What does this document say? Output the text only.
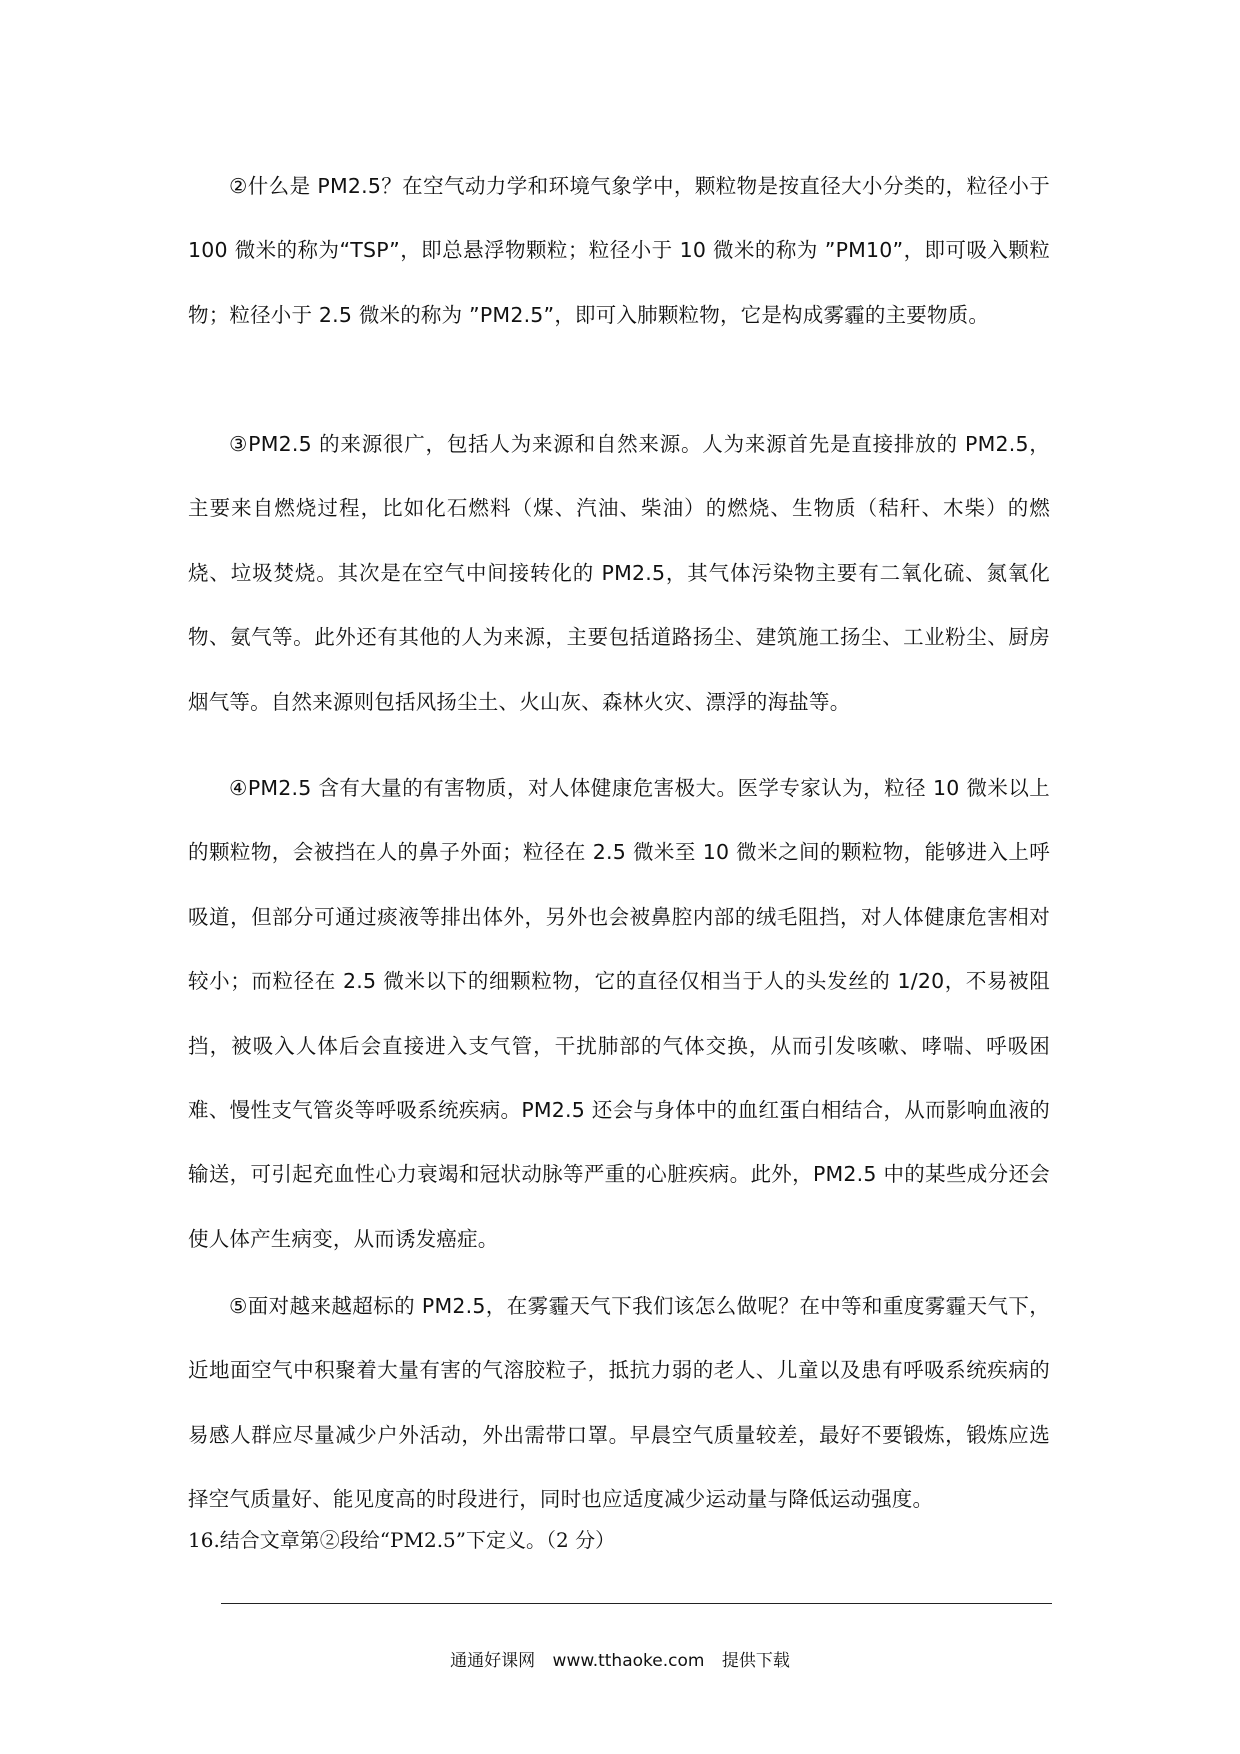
②什么是 PM2.5？在空气动力学和环境气象学中，颗粒物是按直径大小分类的，粒径小于 100 微米的称为“TSP”，即总悬浮物颗粒；粒径小于 10 微米的称为 ”PM10”，即可吸入颗粒物；粒径小于 2.5 微米的称为 ”PM2.5”，即可入肺颗粒物，它是构成雾霾的主要物质。

③PM2.5 的来源很广，包括人为来源和自然来源。人为来源首先是直接排放的 PM2.5，主要来自燃烧过程，比如化石燃料（煤、汽油、柴油）的燃烧、生物质（秸秆、木柴）的燃烧、垃圾焚烧。其次是在空气中间接转化的 PM2.5，其气体污染物主要有二氧化硫、氮氧化物、氨气等。此外还有其他的人为来源，主要包括道路扬尘、建筑施工扬尘、工业粉尘、厨房烟气等。自然来源则包括风扬尘土、火山灰、森林火灾、漂浮的海盐等。

④PM2.5 含有大量的有害物质，对人体健康危害极大。医学专家认为，粒径 10 微米以上的颗粒物，会被挡在人的鼻子外面；粒径在 2.5 微米至 10 微米之间的颗粒物，能够进入上呼吸道，但部分可通过痰液等排出体外，另外也会被鼻腔内部的绒毛阻挡，对人体健康危害相对较小；而粒径在 2.5 微米以下的细颗粒物，它的直径仅相当于人的头发丝的 1/20，不易被阻挡，被吸入人体后会直接进入支气管，干扰肺部的气体交换，从而引发咳嗽、哮喘、呼吸困难、慢性支气管炎等呼吸系统疾病。PM2.5 还会与身体中的血红蛋白相结合，从而影响血液的输送，可引起充血性心力衰竭和冠状动脉等严重的心脏疾病。此外，PM2.5 中的某些成分还会使人体产生病变，从而诱发癌症。

⑤面对越来越超标的 PM2.5，在雾霾天气下我们该怎么做呢？在中等和重度雾霾天气下，近地面空气中积聚着大量有害的气溶胶粒子，抵抗力弱的老人、儿童以及患有呼吸系统疾病的易感人群应尽量减少户外活动，外出需带口罩。早晨空气质量较差，最好不要锻炼，锻炼应选择空气质量好、能见度高的时段进行，同时也应适度减少运动量与降低运动强度。

16.结合文章第②段给“PM2.5”下定义。（2 分）

通通好课网 www.tthaoke.com 提供下载
